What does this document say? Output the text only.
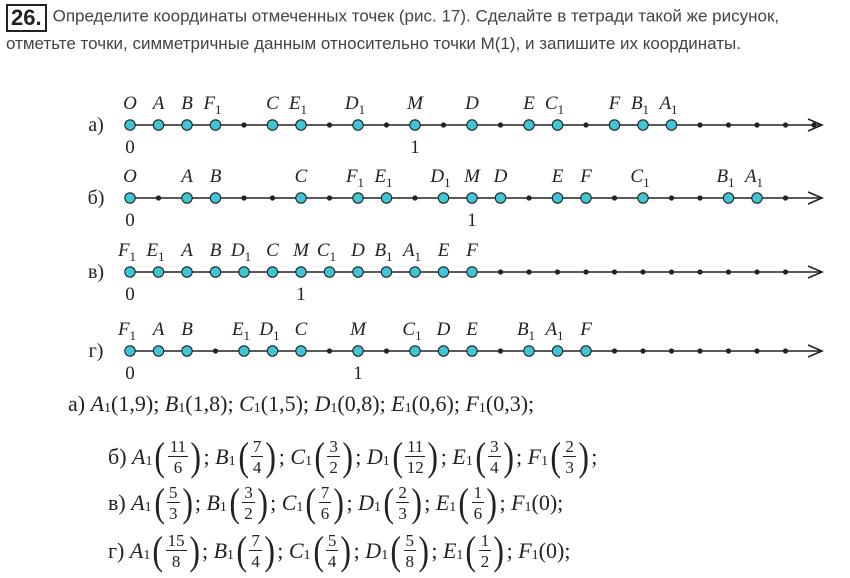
26. Определите координаты отмеченных точек (рис. 17). Сделайте в тетради такой же рисунок, отметьте точки, симметричные данным относительно точки M(1), и запишите их координаты.
а)
O A B $F_1$ C $E_1$ $D_1$ M D E $C_1$ F $B_1$ $A_1$
0	1
б)
O A B	C $F_1$ $E_1$ $D_1$ M D E F $C_1$	$B_1$ $A_1$
0	1
в)
$F_1$ $E_1$ A B $D_1$ C M $C_1$ D $B_1$ $A_1$ E F
0	1
г)
$F_1$ A B $E_1$ $D_1$ C M $C_1$ D E $B_1$ $A_1$ F
0	1
а)
A 1 (1,9) ; B 1 (1,8) ; C 1 (1,5) ; D 1 (0,8) ; E 1 (0,6) ; F 1 (0,3) ;
б)
A 1 ( $\frac{11}{6}$ ) ; B 1 ( $\frac{7}{4}$ ) ; C 1 ( $\frac{3}{2}$ ) ; D 1 ( $\frac{11}{12}$ ) ; E 1 ( $\frac{3}{4}$ ) ; F 1 ( $\frac{2}{3}$ ) ;
в)
A 1 ( $\frac{5}{3}$ ) ; B 1 ( $\frac{3}{2}$ ) ; C 1 ( $\frac{7}{6}$ ) ; D 1 ( $\frac{2}{3}$ ) ; E 1 ( $\frac{1}{6}$ ) ; F 1 (0) ;
г)
A 1 ( $\frac{15}{8}$ ) ; B 1 ( $\frac{7}{4}$ ) ; C 1 ( $\frac{5}{4}$ ) ; D 1 ( $\frac{5}{8}$ ) ; E 1 ( $\frac{1}{2}$ ) ; F 1 (0) ;
